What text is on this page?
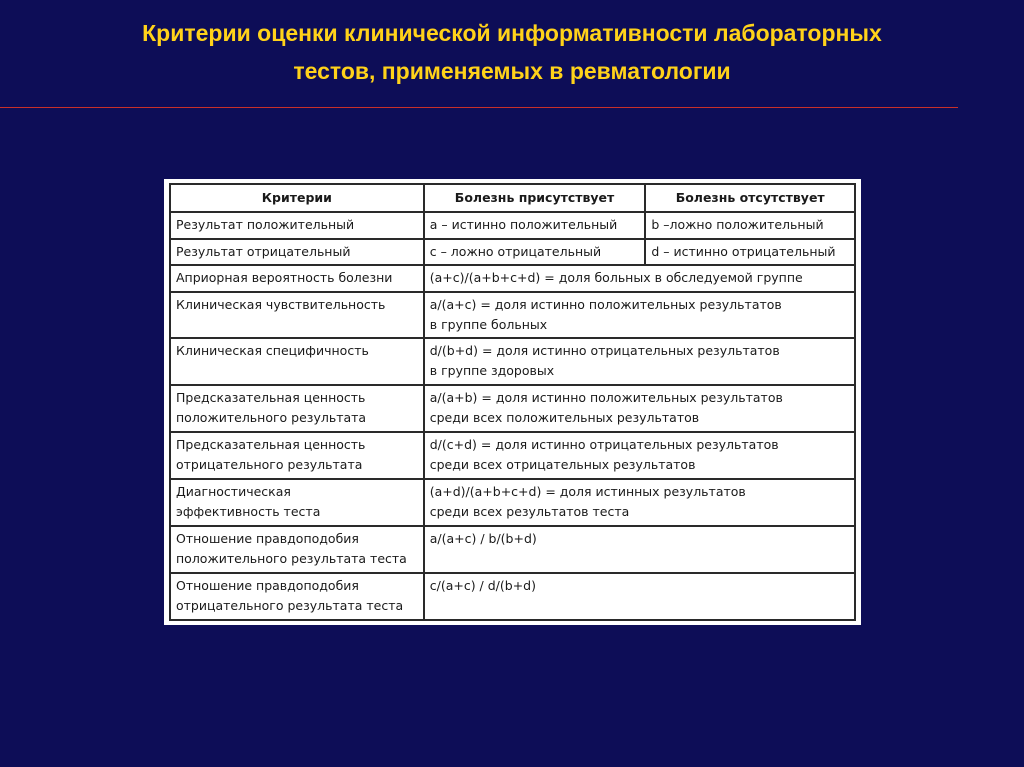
Критерии оценки клинической информативности лабораторных
тестов, применяемых в ревматологии
Критерии	Болезнь присутствует	Болезнь отсутствует
Результат положительный	a – истинно положительный	b –ложно положительный
Результат отрицательный	c – ложно отрицательный	d – истинно отрицательный
Априорная вероятность болезни	(a+c)/(a+b+c+d) = доля больных в обследуемой группе	
Клиническая чувствительность	a/(a+c) = доля истинно положительных результатов
в группе больных	
Клиническая специфичность	d/(b+d) = доля истинно отрицательных результатов
в группе здоровых	
Предсказательная ценность
положительного результата	a/(a+b) = доля истинно положительных результатов
среди всех положительных результатов	
Предсказательная ценность
отрицательного результата	d/(c+d) = доля истинно отрицательных результатов
среди всех отрицательных результатов	
Диагностическая
эффективность теста	(a+d)/(a+b+c+d) = доля истинных результатов
среди всех результатов теста	
Отношение правдоподобия
положительного результата теста	a/(a+c) / b/(b+d)	
Отношение правдоподобия
отрицательного результата теста	c/(a+c) / d/(b+d)	
